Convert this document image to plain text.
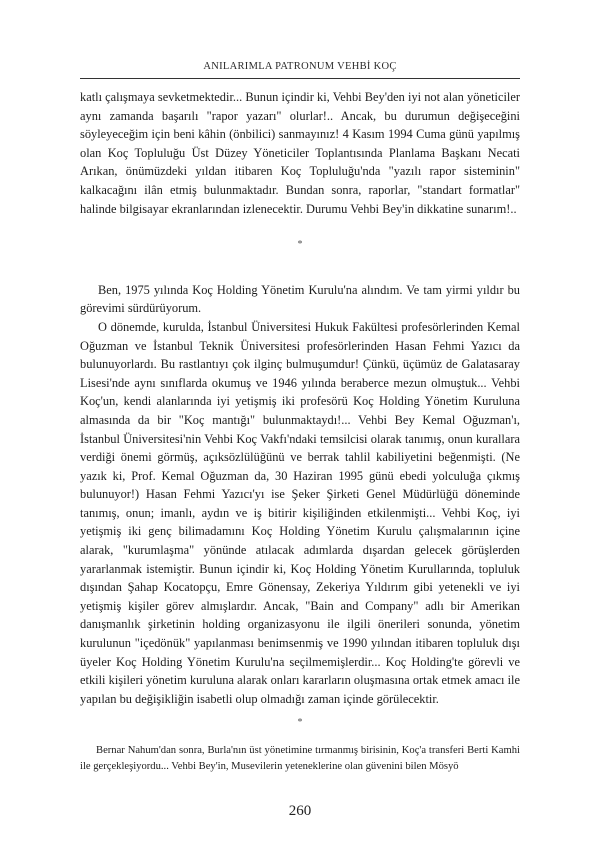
ANILARIMLA PATRONUM VEHBİ KOÇ

katlı çalışmaya sevketmektedir... Bunun içindir ki, Vehbi Bey'den iyi not alan yöneticiler aynı zamanda başarılı "rapor yazarı" olurlar!.. Ancak, bu durumun değişeceğini söyleyeceğim için beni kâhin (önbilici) sanmayınız! 4 Kasım 1994 Cuma günü yapılmış olan Koç Topluluğu Üst Düzey Yöneticiler Toplantısında Planlama Başkanı Necati Arıkan, önümüzdeki yıldan itibaren Koç Topluluğu'nda "yazılı rapor sisteminin" kalkacağını ilân etmiş bulunmaktadır. Bundan sonra, raporlar, "standart formatlar" halinde bilgisayar ekranlarından izlenecektir. Durumu Vehbi Bey'in dikkatine sunarım!..

*

Ben, 1975 yılında Koç Holding Yönetim Kurulu'na alındım. Ve tam yirmi yıldır bu görevimi sürdürüyorum.

O dönemde, kurulda, İstanbul Üniversitesi Hukuk Fakültesi profesörlerinden Kemal Oğuzman ve İstanbul Teknik Üniversitesi profesörlerinden Hasan Fehmi Yazıcı da bulunuyorlardı. Bu rastlantıyı çok ilginç bulmuşumdur! Çünkü, üçümüz de Galatasaray Lisesi'nde aynı sınıflarda okumuş ve 1946 yılında beraberce mezun olmuştuk... Vehbi Koç'un, kendi alanlarında iyi yetişmiş iki profesörü Koç Holding Yönetim Kuruluna almasında da bir "Koç mantığı" bulunmaktaydı!... Vehbi Bey Kemal Oğuzman'ı, İstanbul Üniversitesi'nin Vehbi Koç Vakfı'ndaki temsilcisi olarak tanımış, onun kurallara verdiği önemi görmüş, açıksözlülüğünü ve berrak tahlil kabiliyetini beğenmişti. (Ne yazık ki, Prof. Kemal Oğuzman da, 30 Haziran 1995 günü ebedi yolculuğa çıkmış bulunuyor!) Hasan Fehmi Yazıcı'yı ise Şeker Şirketi Genel Müdürlüğü döneminde tanımış, onun; imanlı, aydın ve iş bitirir kişiliğinden etkilenmişti... Vehbi Koç, iyi yetişmiş iki genç bilimadamını Koç Holding Yönetim Kurulu çalışmalarının içine alarak, "kurumlaşma" yönünde atılacak adımlarda dışardan gelecek görüşlerden yararlanmak istemiştir. Bunun içindir ki, Koç Holding Yönetim Kurullarında, topluluk dışından Şahap Kocatopçu, Emre Gönensay, Zekeriya Yıldırım gibi yetenekli ve iyi yetişmiş kişiler görev almışlardır. Ancak, "Bain and Company" adlı bir Amerikan danışmanlık şirketinin holding organizasyonu ile ilgili önerileri sonunda, yönetim kurulunun "içedönük" yapılanması benimsenmiş ve 1990 yılından itibaren topluluk dışı üyeler Koç Holding Yönetim Kurulu'na seçilmemişlerdir... Koç Holding'te görevli ve etkili kişileri yönetim kuruluna alarak onları kararların oluşmasına ortak etmek amacı ile yapılan bu değişikliğin isabetli olup olmadığı zaman içinde görülecektir.

*

Bernar Nahum'dan sonra, Burla'nın üst yönetimine tırmanmış birisinin, Koç'a transferi Berti Kamhi ile gerçekleşiyordu... Vehbi Bey'in, Musevilerin yeteneklerine olan güvenini bilen Mösyö

260
